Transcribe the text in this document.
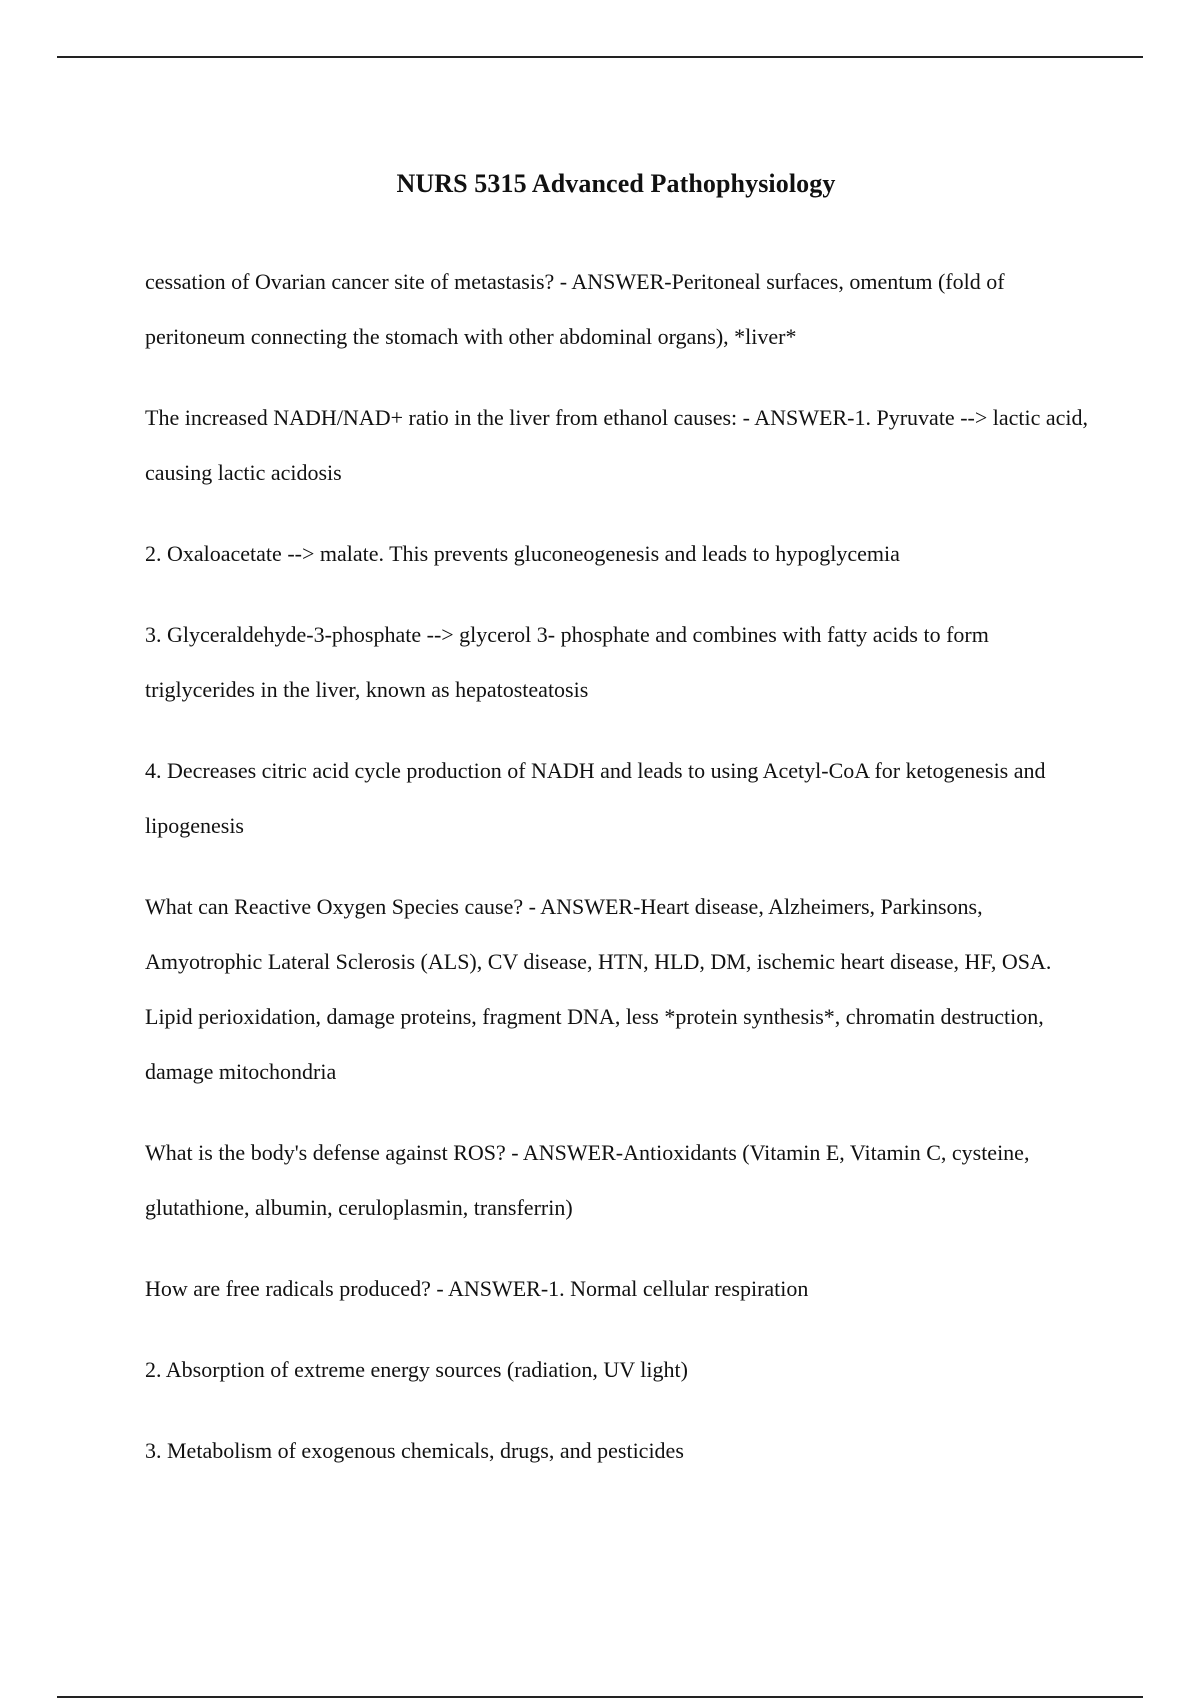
NURS 5315 Advanced Pathophysiology

cessation of Ovarian cancer site of metastasis? - ANSWER-Peritoneal surfaces, omentum (fold of peritoneum connecting the stomach with other abdominal organs), *liver*

The increased NADH/NAD+ ratio in the liver from ethanol causes: - ANSWER-1. Pyruvate --> lactic acid, causing lactic acidosis

2. Oxaloacetate --> malate. This prevents gluconeogenesis and leads to hypoglycemia

3. Glyceraldehyde-3-phosphate --> glycerol 3- phosphate and combines with fatty acids to form triglycerides in the liver, known as hepatosteatosis

4. Decreases citric acid cycle production of NADH and leads to using Acetyl-CoA for ketogenesis and lipogenesis

What can Reactive Oxygen Species cause? - ANSWER-Heart disease, Alzheimers, Parkinsons, Amyotrophic Lateral Sclerosis (ALS), CV disease, HTN, HLD, DM, ischemic heart disease, HF, OSA. Lipid perioxidation, damage proteins, fragment DNA, less *protein synthesis*, chromatin destruction, damage mitochondria

What is the body's defense against ROS? - ANSWER-Antioxidants (Vitamin E, Vitamin C, cysteine, glutathione, albumin, ceruloplasmin, transferrin)

How are free radicals produced? - ANSWER-1. Normal cellular respiration

2. Absorption of extreme energy sources (radiation, UV light)

3. Metabolism of exogenous chemicals, drugs, and pesticides
